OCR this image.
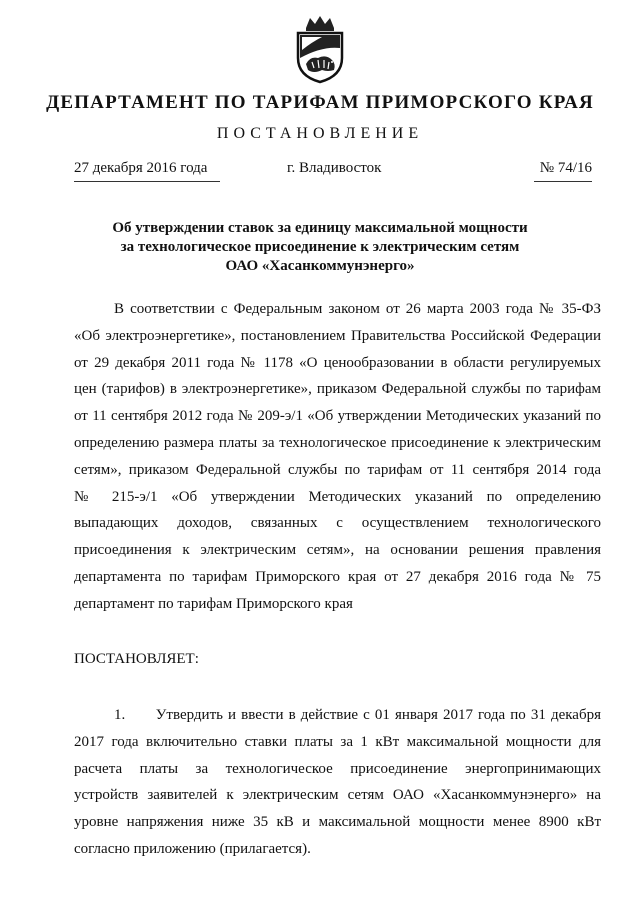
ДЕПАРТАМЕНТ ПО ТАРИФАМ ПРИМОРСКОГО КРАЯ
ПОСТАНОВЛЕНИЕ
27 декабря 2016 года	г. Владивосток	№ 74/16
Об утверждении ставок за единицу максимальной мощности
за технологическое присоединение к электрическим сетям
ОАО «Хасанкоммунэнерго»
В соответствии с Федеральным законом от 26 марта 2003 года № 35-ФЗ
«Об электроэнергетике», постановлением Правительства Российской Федерации
от 29 декабря 2011 года № 1178 «О ценообразовании в области регулируемых
цен (тарифов) в электроэнергетике», приказом Федеральной службы по тарифам
от 11 сентября 2012 года № 209-э/1 «Об утверждении Методических указаний по
определению размера платы за технологическое присоединение к электрическим
сетям», приказом Федеральной службы по тарифам от 11 сентября 2014 года
№ 215-э/1 «Об утверждении Методических указаний по определению
выпадающих доходов, связанных с осуществлением технологического
присоединения к электрическим сетям», на основании решения правления
департамента по тарифам Приморского края от 27 декабря 2016 года № 75
департамент по тарифам Приморского края
ПОСТАНОВЛЯЕТ:
1.      Утвердить и ввести в действие с 01 января 2017 года по 31 декабря
2017 года включительно ставки платы за 1 кВт максимальной мощности для
расчета платы за технологическое присоединение энергопринимающих
устройств заявителей к электрическим сетям ОАО «Хасанкоммунэнерго» на
уровне напряжения ниже 35 кВ и максимальной мощности менее 8900 кВт
согласно приложению (прилагается).
